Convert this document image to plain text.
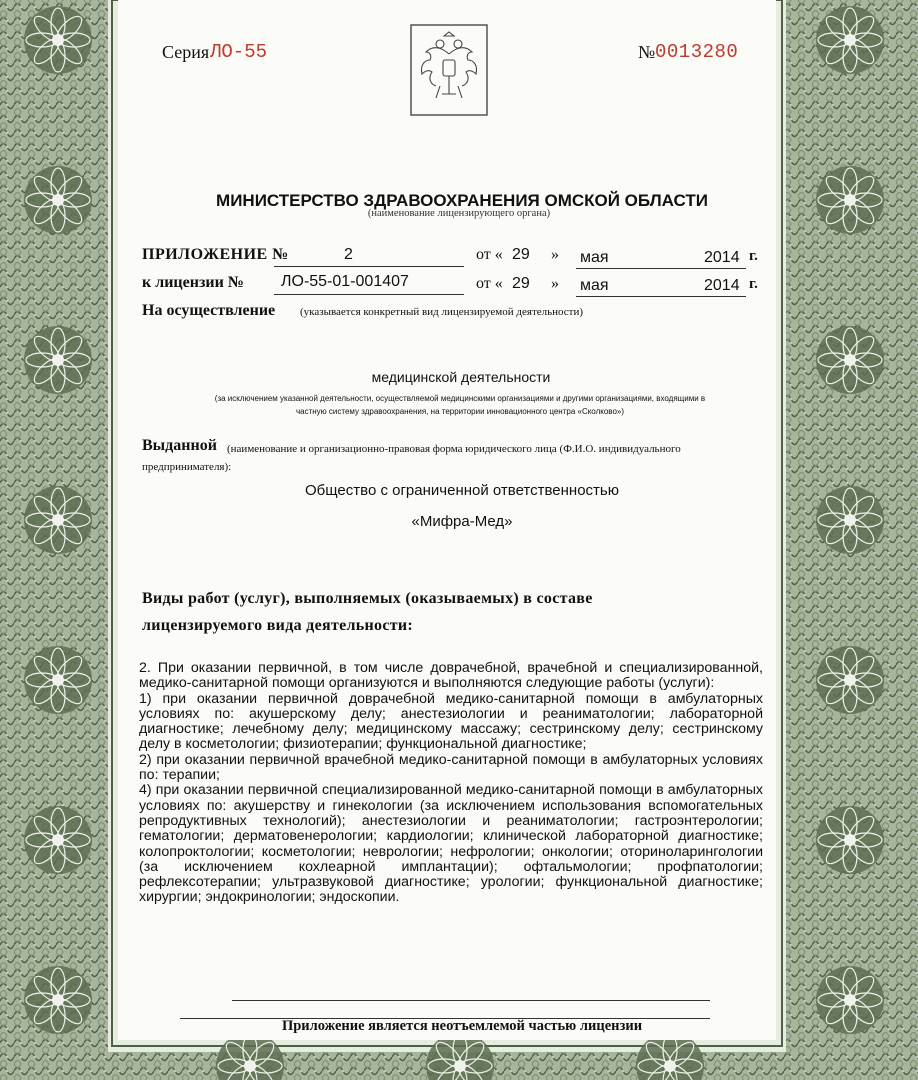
Серия ЛО-55	№ 0013280
МИНИСТЕРСТВО ЗДРАВООХРАНЕНИЯ ОМСКОЙ ОБЛАСТИ
(наименование лицензирующего органа)
ПРИЛОЖЕНИЕ №	2	от « 29 » мая	2014 г.
к лицензии № ЛО-55-01-001407	от « 29 » мая	2014 г.
На осуществление (указывается конкретный вид лицензируемой деятельности)
медицинской деятельности
(за исключением указанной деятельности, осуществляемой медицинскими организациями и другими организациями, входящими в
частную систему здравоохранения, на территории инновационного центра «Сколково»)
Выданной (наименование и организационно-правовая форма юридического лица (Ф.И.О. индивидуального
предпринимателя):
Общество с ограниченной ответственностью
«Мифра-Мед»
Виды работ (услуг), выполняемых (оказываемых) в составе
лицензируемого вида деятельности:

2. При оказании первичной, в том числе доврачебной, врачебной и специализированной, медико-санитарной помощи организуются и выполняются следующие работы (услуги):

1) при оказании первичной доврачебной медико-санитарной помощи в амбулаторных условиях по: акушерскому делу; анестезиологии и реаниматологии; лабораторной диагностике; лечебному делу; медицинскому массажу; сестринскому делу; сестринскому делу в косметологии; физиотерапии; функциональной диагностике;

2) при оказании первичной врачебной медико-санитарной помощи в амбулаторных условиях по: терапии;

4) при оказании первичной специализированной медико-санитарной помощи в амбулаторных условиях по: акушерству и гинекологии (за исключением использования вспомогательных репродуктивных технологий); анестезиологии и реаниматологии; гастроэнтерологии; гематологии; дерматовенерологии; кардиологии; клинической лабораторной диагностике; колопроктологии; косметологии; неврологии; нефрологии; онкологии; оториноларингологии (за исключением кохлеарной имплантации); офтальмологии; профпатологии; рефлексотерапии; ультразвуковой диагностике; урологии; функциональной диагностике; хирургии; эндокринологии; эндоскопии.

Приложение является неотъемлемой частью лицензии
